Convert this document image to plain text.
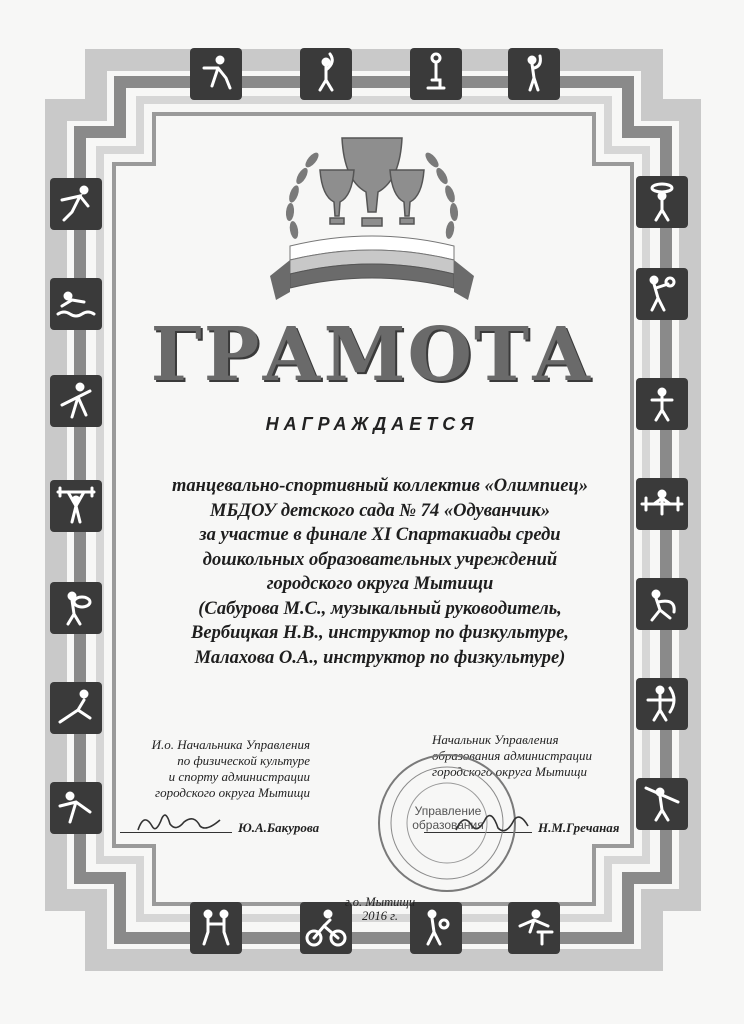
ГРАМОТА
НАГРАЖДАЕТСЯ
танцевально-спортивный коллектив «Олимпиец»
МБДОУ детского сада № 74 «Одуванчик»
за участие в финале XI Спартакиады среди
дошкольных образовательных учреждений
городского округа Мытищи
(Сабурова М.С., музыкальный руководитель,
Вербицкая Н.В., инструктор по физкультуре,
Малахова О.А., инструктор по физкультуре)
И.о. Начальника Управления
по физической культуре
и спорту администрации
городского округа Мытищи
Ю.А.Бакурова
Начальник Управления
образования администрации
городского округа Мытищи
Управление
образования	Н.М.Гречаная
г.о. Мытищи
2016 г.
